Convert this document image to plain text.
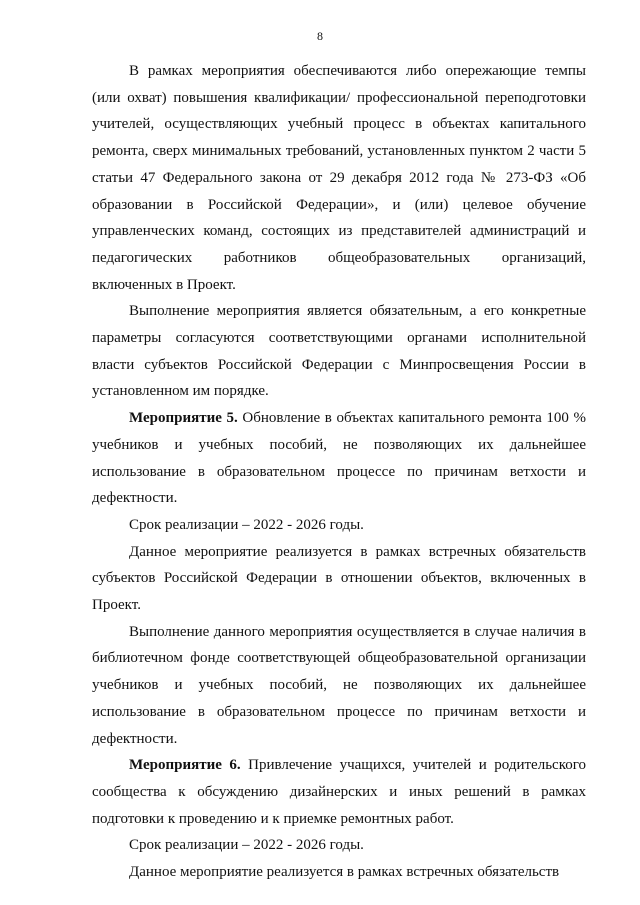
8

В рамках мероприятия обеспечиваются либо опережающие темпы (или охват) повышения квалификации/ профессиональной переподготовки учителей, осуществляющих учебный процесс в объектах капитального ремонта, сверх минимальных требований, установленных пунктом 2 части 5 статьи 47 Федерального закона от 29 декабря 2012 года № 273-ФЗ «Об образовании в Российской Федерации», и (или) целевое обучение управленческих команд, состоящих из представителей администраций и педагогических работников общеобразовательных организаций, включенных в Проект.

Выполнение мероприятия является обязательным, а его конкретные параметры согласуются соответствующими органами исполнительной власти субъектов Российской Федерации с Минпросвещения России в установленном им порядке.

Мероприятие 5. Обновление в объектах капитального ремонта 100 % учебников и учебных пособий, не позволяющих их дальнейшее использование в образовательном процессе по причинам ветхости и дефектности.

Срок реализации – 2022 - 2026 годы.

Данное мероприятие реализуется в рамках встречных обязательств субъектов Российской Федерации в отношении объектов, включенных в Проект.

Выполнение данного мероприятия осуществляется в случае наличия в библиотечном фонде соответствующей общеобразовательной организации учебников и учебных пособий, не позволяющих их дальнейшее использование в образовательном процессе по причинам ветхости и дефектности.

Мероприятие 6. Привлечение учащихся, учителей и родительского сообщества к обсуждению дизайнерских и иных решений в рамках подготовки к проведению и к приемке ремонтных работ.

Срок реализации – 2022 - 2026 годы.

Данное мероприятие реализуется в рамках встречных обязательств
